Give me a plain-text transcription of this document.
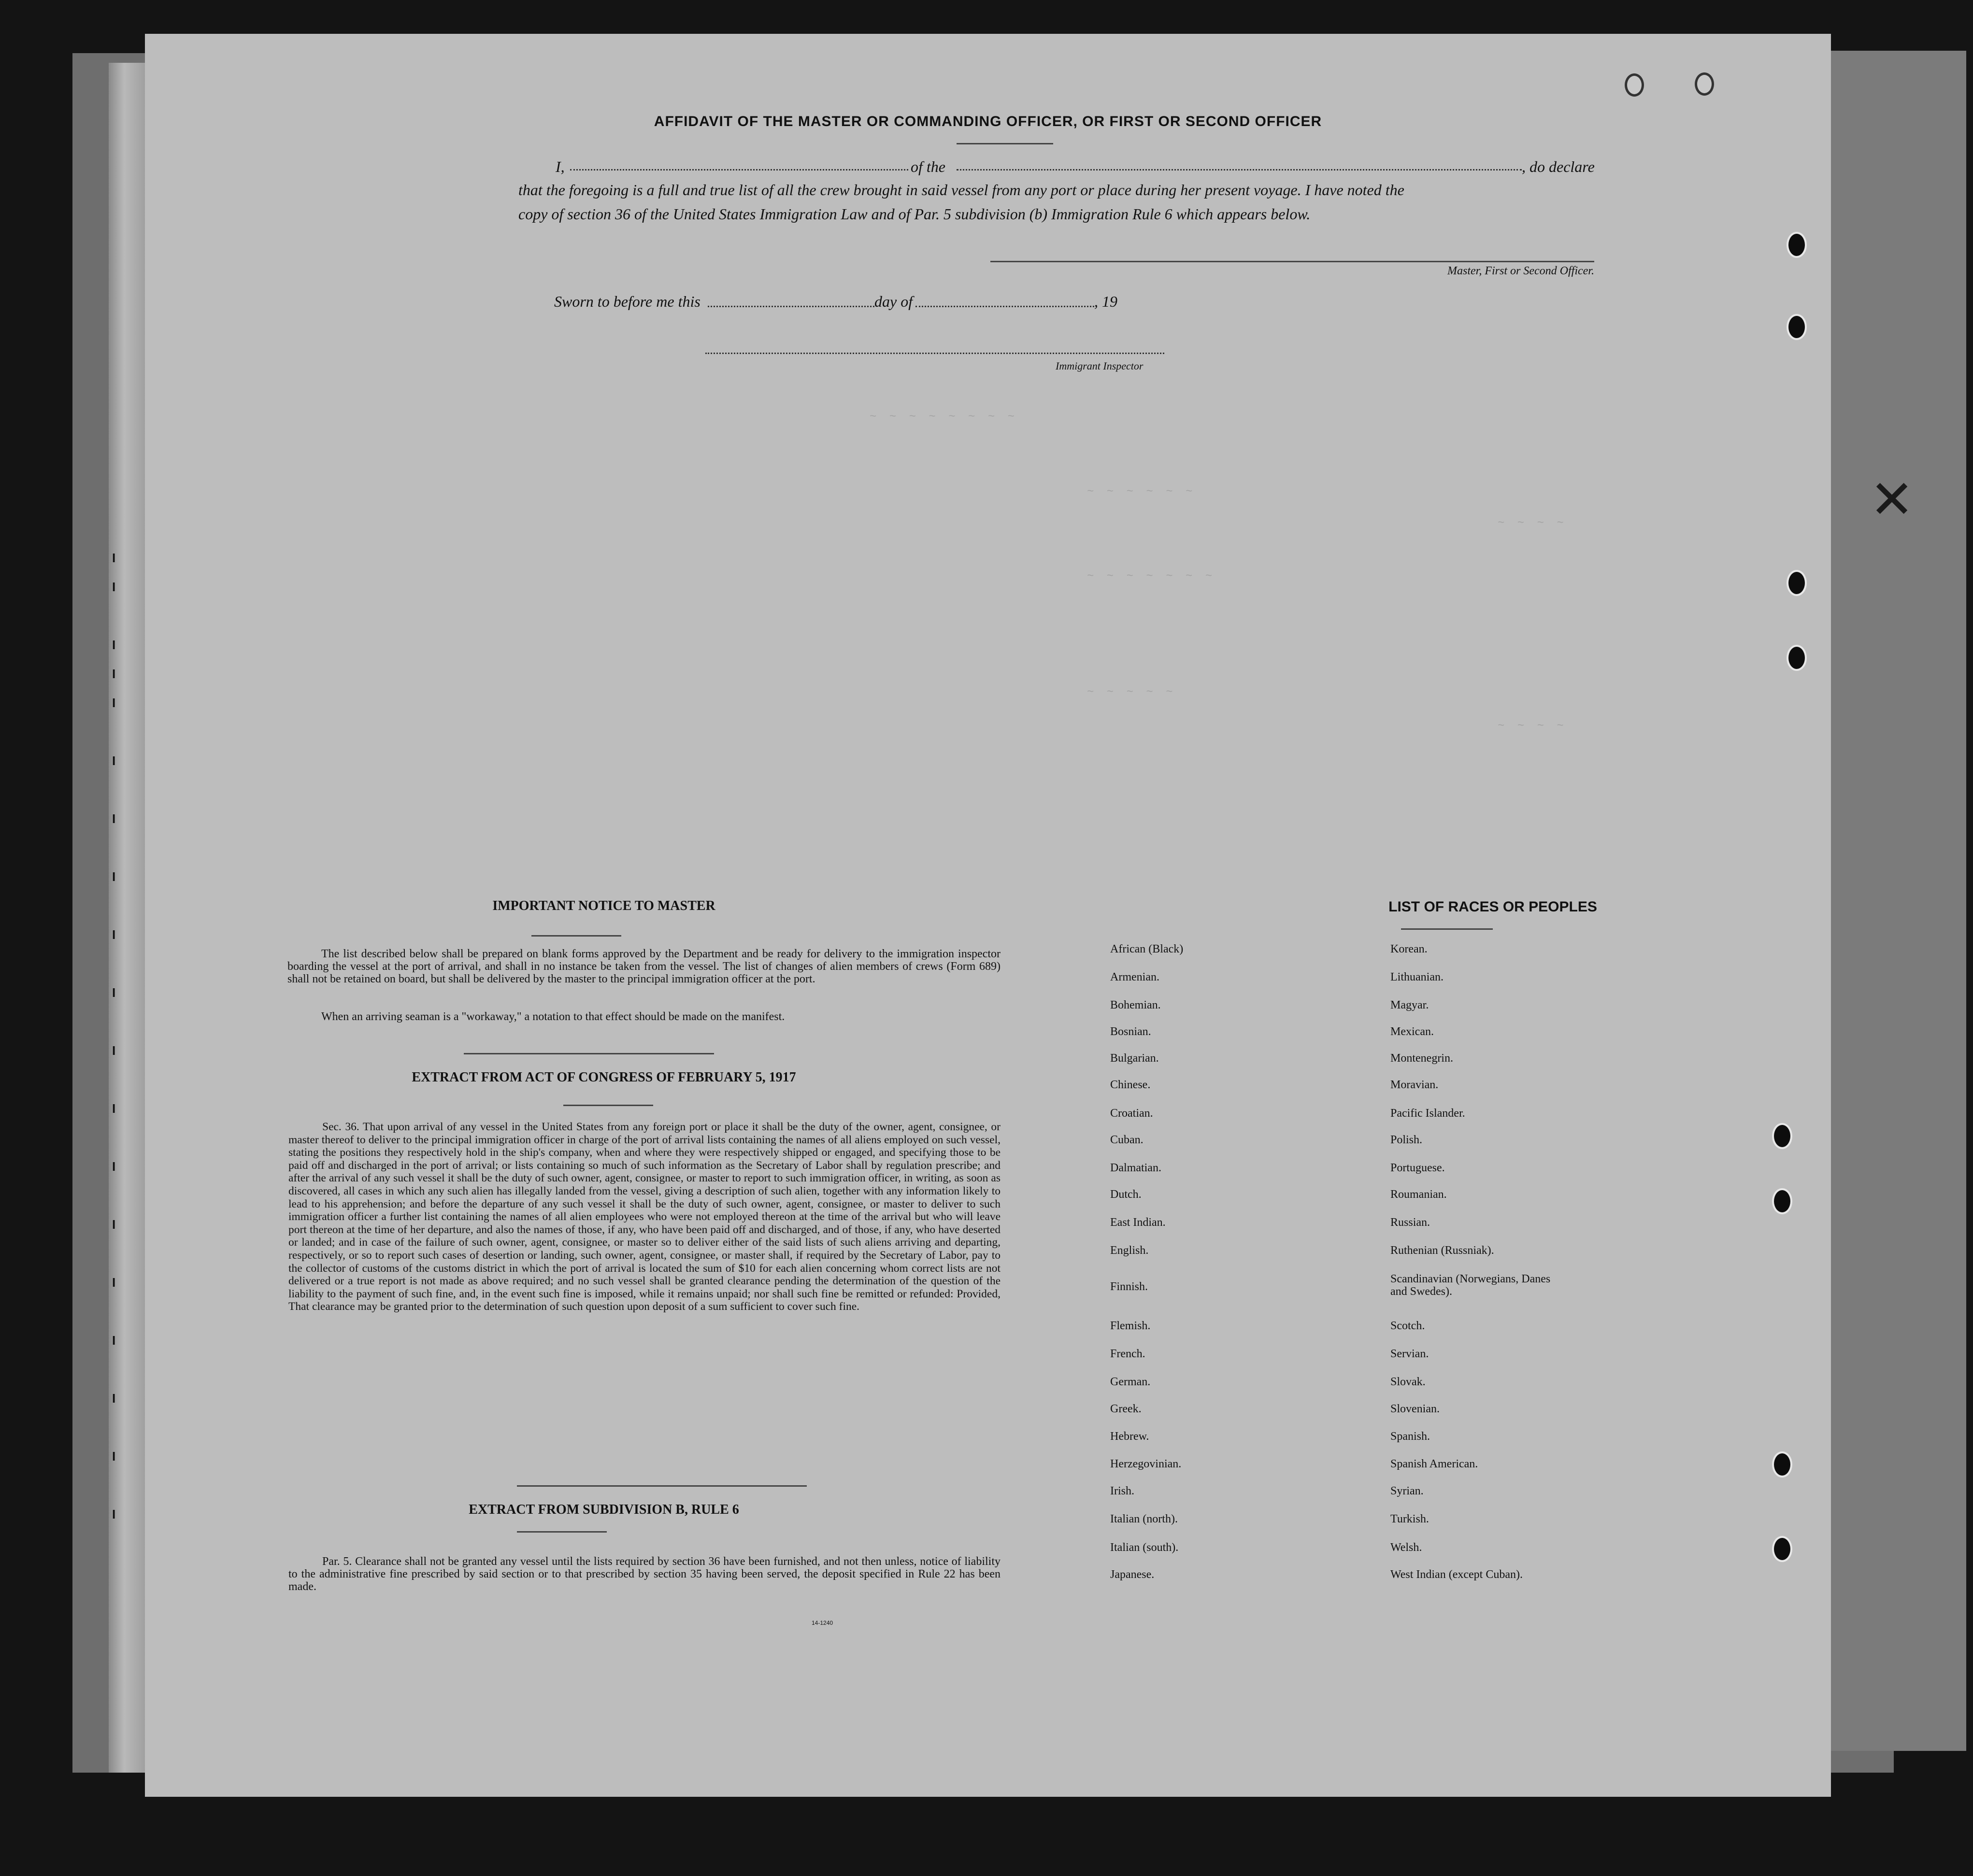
AFFIDAVIT OF THE MASTER OR COMMANDING OFFICER, OR FIRST OR SECOND OFFICER
I,	of the	, do declare
that the foregoing is a full and true list of all the crew brought in said vessel from any port or place during her present voyage. I have noted the
copy of section 36 of the United States Immigration Law and of Par. 5 subdivision (b) Immigration Rule 6 which appears below.
Master, First or Second Officer.
Sworn to before me this	day of	, 19
Immigrant Inspector
~ ~ ~ ~ ~ ~ ~ ~
~ ~ ~ ~ ~ ~
~ ~ ~ ~ ~ ~ ~
~ ~ ~ ~ ~
~ ~ ~ ~
~ ~ ~ ~
IMPORTANT NOTICE TO MASTER
The list described below shall be prepared on blank forms approved by the Department and be ready for delivery to the immigration inspector boarding the vessel at the port of arrival, and shall in no instance be taken from the vessel. The list of changes of alien members of crews (Form 689) shall not be retained on board, but shall be delivered by the master to the principal immigration officer at the port.
When an arriving seaman is a "workaway," a notation to that effect should be made on the manifest.
EXTRACT FROM ACT OF CONGRESS OF FEBRUARY 5, 1917
Sec. 36. That upon arrival of any vessel in the United States from any foreign port or place it shall be the duty of the owner, agent, consignee, or master thereof to deliver to the principal immigration officer in charge of the port of arrival lists containing the names of all aliens employed on such vessel, stating the positions they respectively hold in the ship's company, when and where they were respectively shipped or engaged, and specifying those to be paid off and discharged in the port of arrival; or lists containing so much of such information as the Secretary of Labor shall by regulation prescribe; and after the arrival of any such vessel it shall be the duty of such owner, agent, consignee, or master to report to such immigration officer, in writing, as soon as discovered, all cases in which any such alien has illegally landed from the vessel, giving a description of such alien, together with any information likely to lead to his apprehension; and before the departure of any such vessel it shall be the duty of such owner, agent, consignee, or master to deliver to such immigration officer a further list containing the names of all alien employees who were not employed thereon at the time of the arrival but who will leave port thereon at the time of her departure, and also the names of those, if any, who have been paid off and discharged, and of those, if any, who have deserted or landed; and in case of the failure of such owner, agent, consignee, or master so to deliver either of the said lists of such aliens arriving and departing, respectively, or so to report such cases of desertion or landing, such owner, agent, consignee, or master shall, if required by the Secretary of Labor, pay to the collector of customs of the customs district in which the port of arrival is located the sum of $10 for each alien concerning whom correct lists are not delivered or a true report is not made as above required; and no such vessel shall be granted clearance pending the determination of the question of the liability to the payment of such fine, and, in the event such fine is imposed, while it remains unpaid; nor shall such fine be remitted or refunded: Provided, That clearance may be granted prior to the determination of such question upon deposit of a sum sufficient to cover such fine.
EXTRACT FROM SUBDIVISION B, RULE 6
Par. 5. Clearance shall not be granted any vessel until the lists required by section 36 have been furnished, and not then unless, notice of liability to the administrative fine prescribed by said section or to that prescribed by section 35 having been served, the deposit specified in Rule 22 has been made.
14-1240
LIST OF RACES OR PEOPLES
African (Black)
Armenian.
Bohemian.
Bosnian.
Bulgarian.
Chinese.
Croatian.
Cuban.
Dalmatian.
Dutch.
East Indian.
English.
Finnish.
Flemish.
French.
German.
Greek.
Hebrew.
Herzegovinian.
Irish.
Italian (north).
Italian (south).
Japanese.
Korean.
Lithuanian.
Magyar.
Mexican.
Montenegrin.
Moravian.
Pacific Islander.
Polish.
Portuguese.
Roumanian.
Russian.
Ruthenian (Russniak).
Scandinavian (Norwegians, Danes and Swedes).
Scotch.
Servian.
Slovak.
Slovenian.
Spanish.
Spanish American.
Syrian.
Turkish.
Welsh.
West Indian (except Cuban).
I
I
I
I
I
I
I
I
I
I
I
I
I
I
I
I
I
I
I
✕
